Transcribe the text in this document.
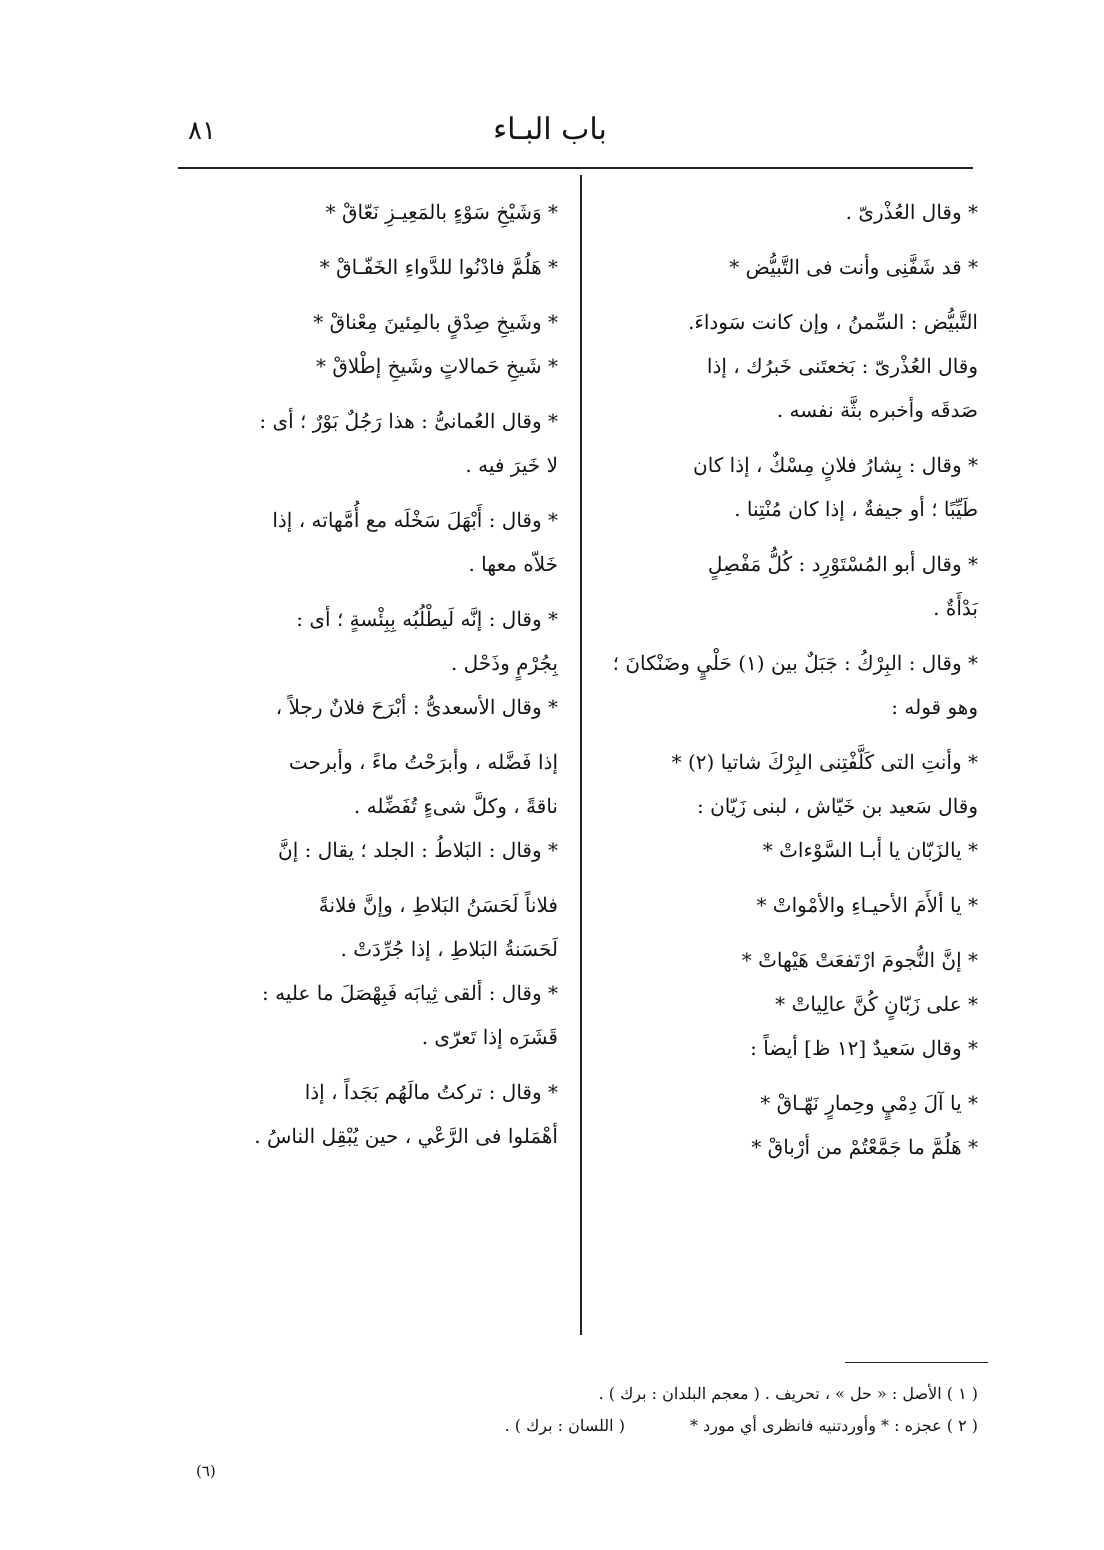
باب البـاء
٨١
* وقال العُذْرىّ .
* قد شَفَّنِى وأنت فى التَّبيُّض *
التَّبيُّض : السِّمنُ ، وإن كانت سَوداءَ.
وقال العُذْرىّ : بَخعتَنى خَبرُك ، إذا
صَدقَه وأخبره بثَّة نفسه .
* وقال : بِشارُ فلانٍ مِسْكٌ ، إذا كان
طَيِّبًا ؛ أو جيفةٌ ، إذا كان مُنْتِنا .
* وقال أبو المُسْتَوْرِد : كُلُّ مَفْصِلٍ
بَدْأَةٌ .
* وقال : البِرْكُ : جَبَلٌ بين (١) حَلْيٍ وضَنْكانَ ؛
وهو قوله :
* وأنتِ التى كَلَّفْتِنى البِرْكَ شاتيا (٢) *
وقال سَعيد بن خَيّاش ، لبنى زَيّان :
* يالزَبّان يا أبـا السَّوْءاتْ *
* يا ألأَمَ الأحيـاءِ والأمْواتْ *
* إنَّ النُّجومَ ارْتَفعَتْ هَيْهاتْ *
* على زَبّانٍ كُنَّ عالِياتْ *
* وقال سَعيدٌ [١٢ ظ] أيضاً :
* يا آلَ دِمْيٍ وحِمارٍ نَهّـاقْ *
* هَلُمَّ ما جَمَّعْتُمْ من أرْباقْ *
* وَشَيْخِ سَوْءٍ بالمَعِيـزِ نَعّاقْ *
* هَلُمَّ فادْنُوا للدَّواءِ الخَفّـاقْ *
* وشَيخِ صِدْقٍ بالمِئينَ مِعْناقْ *
* شَيخِ حَمالاتٍ وشَيخِ إطْلاقْ *
* وقال العُمانىُّ : هذا رَجُلٌ بَوْرٌ ؛ أى :
لا خَيرَ فيه .
* وقال : أَبْهَلَ سَخْلَه مع أُمَّهاته ، إذا
خَلاّه معها .
* وقال : إنَّه لَيطْلُبُه بِبِئْسةٍ ؛ أى :
بِجُرْمٍ وذَحْل .
* وقال الأسعدىُّ : أبْرَحَ فلانٌ رجلاً ،
إذا فَضَّله ، وأبرَحْتُ ماءً ، وأبرحت
ناقةً ، وكلَّ شىءٍ تُفَضِّله .
* وقال : البَلاطُ : الجلد ؛ يقال : إنَّ
فلاناً لَحَسَنُ البَلاطِ ، وإنَّ فلانةً
لَحَسَنةُ البَلاطِ ، إذا جُرِّدَتْ .
* وقال : ألقى ثِيابَه فَبِهْصَلَ ما عليه :
قَشَرَه إذا تَعرّى .
* وقال : تركتُ مالَهُم بَجَداً ، إذا
أهْمَلوا فى الرَّعْي ، حين يُبْقِل الناسُ .
( ١ ) الأصل : « حل » ، تحريف . ( معجم البلدان : برك ) .
( ٢ ) عجزه : * وأوردتنيه فانظرى أي مورد * ( اللسان : برك ) .
(٦)
